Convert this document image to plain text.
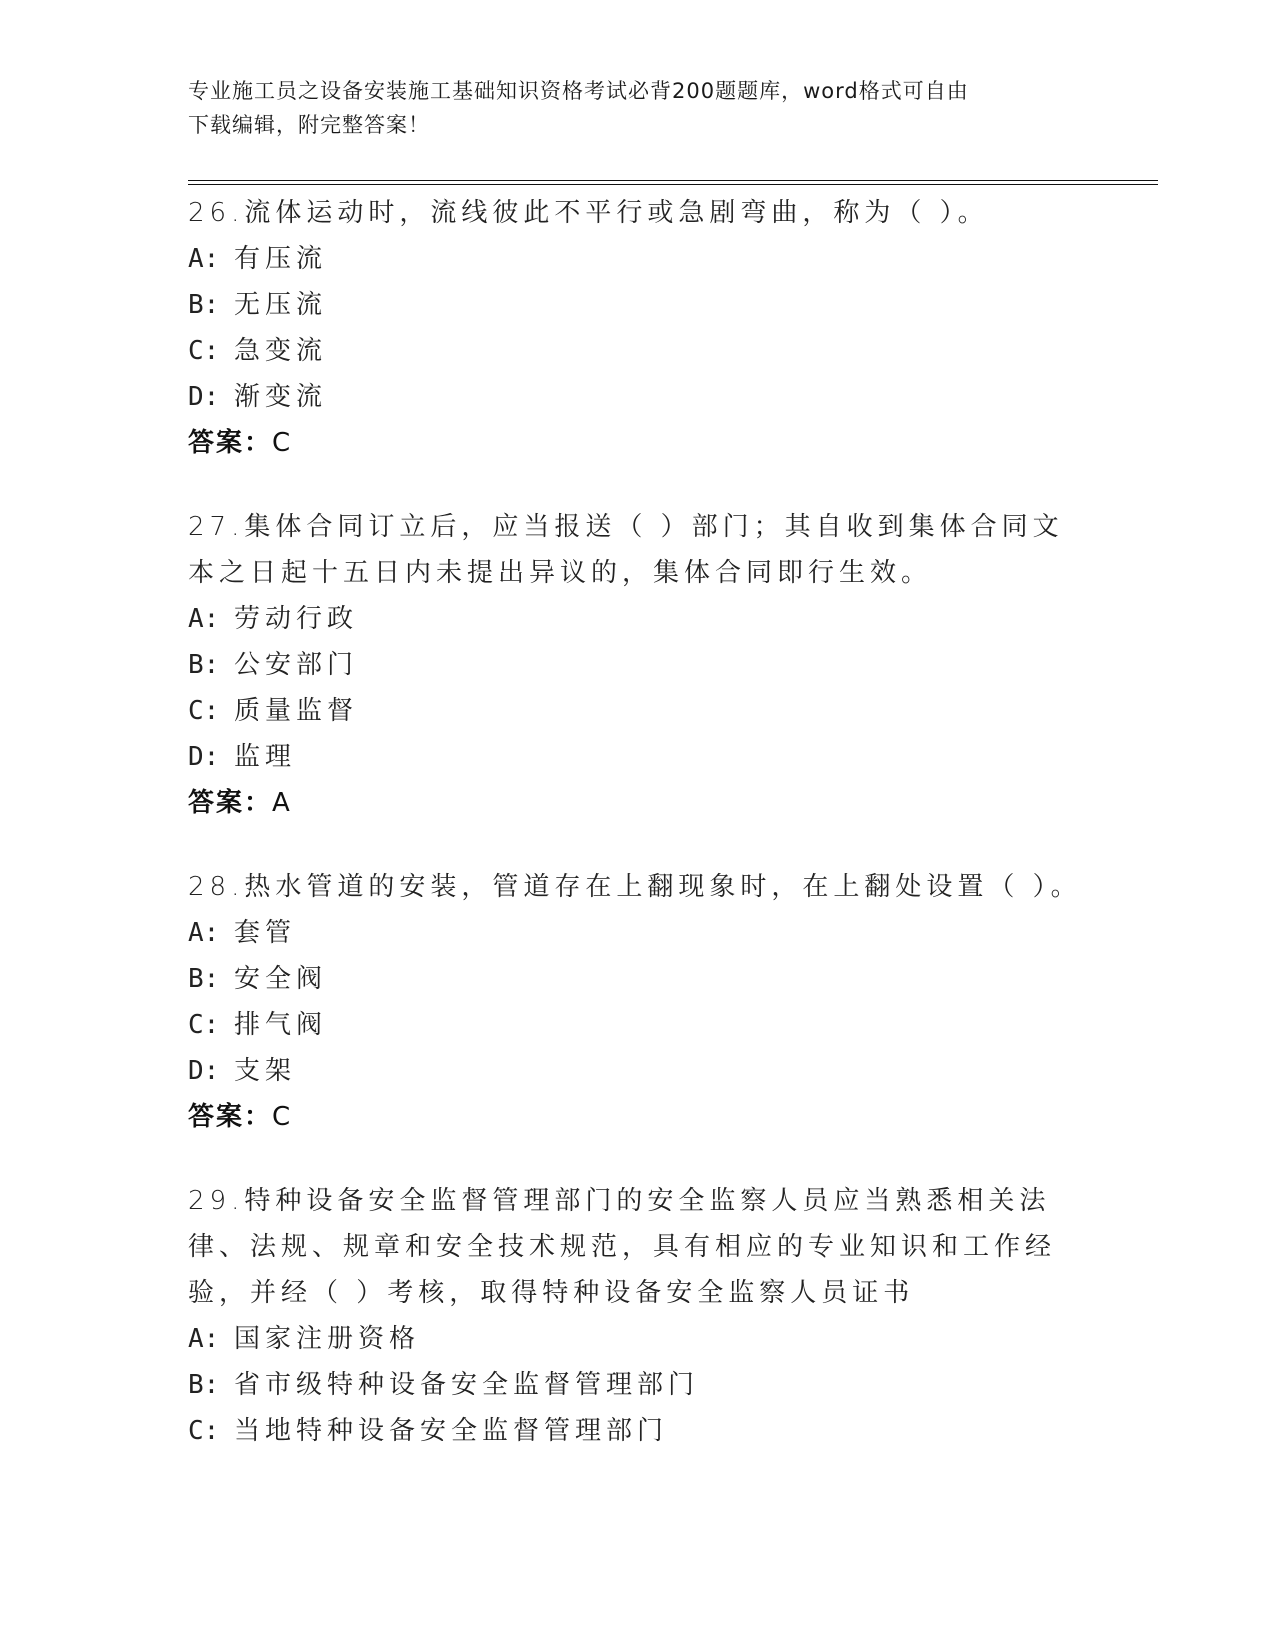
专业施工员之设备安装施工基础知识资格考试必背200题题库，word格式可自由
下载编辑，附完整答案！
26.流体运动时，流线彼此不平行或急剧弯曲，称为（ ）。
A: 有压流
B: 无压流
C: 急变流
D: 渐变流
答案：C
27.集体合同订立后，应当报送（ ）部门；其自收到集体合同文本之日起十五日内未提出异议的，集体合同即行生效。
A: 劳动行政
B: 公安部门
C: 质量监督
D: 监理
答案：A
28.热水管道的安装，管道存在上翻现象时，在上翻处设置（ ）。
A: 套管
B: 安全阀
C: 排气阀
D: 支架
答案：C
29.特种设备安全监督管理部门的安全监察人员应当熟悉相关法律、法规、规章和安全技术规范，具有相应的专业知识和工作经验，并经（ ）考核，取得特种设备安全监察人员证书
A: 国家注册资格
B: 省市级特种设备安全监督管理部门
C: 当地特种设备安全监督管理部门
